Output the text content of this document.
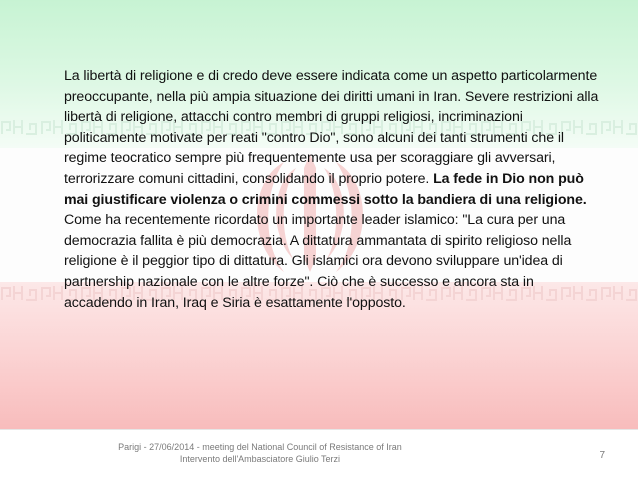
La libertà di religione e di credo deve essere indicata come un aspetto particolarmente preoccupante, nella più ampia situazione dei diritti umani in Iran. Severe restrizioni alla libertà di religione, attacchi contro membri di gruppi religiosi, incriminazioni politicamente motivate per reati "contro Dio", sono alcuni dei tanti strumenti che il regime teocratico sempre più frequentemente usa per scoraggiare gli avversari, terrorizzare comuni cittadini, consolidando il proprio potere. La fede in Dio non può mai giustificare violenza o crimini commessi sotto la bandiera di una religione. Come ha recentemente ricordato un importante leader islamico: "La cura per una democrazia fallita è più democrazia. A dittatura ammantata di spirito religioso nella religione è il peggior tipo di dittatura. Gli islamici ora devono sviluppare un'idea di partnership nazionale con le altre forze". Ciò che è successo e ancora sta in accadendo in Iran, Iraq e Siria è esattamente l'opposto.
Parigi - 27/06/2014 - meeting del National Council of Resistance of Iran
Intervento dell'Ambasciatore Giulio Terzi	7
